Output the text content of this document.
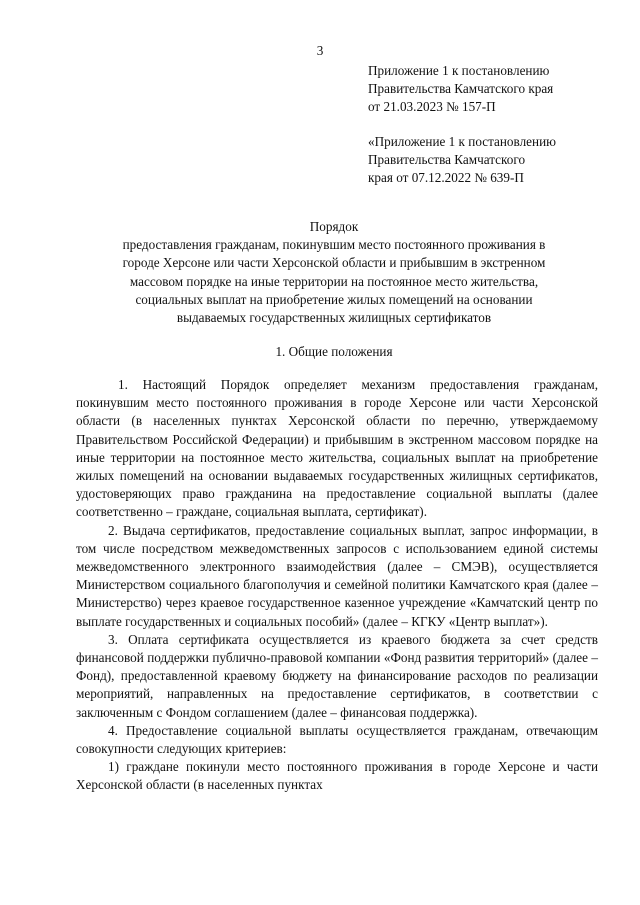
3
Приложение 1 к постановлению
Правительства Камчатского края
от 21.03.2023 № 157-П
«Приложение 1 к постановлению
Правительства Камчатского
края от 07.12.2022 № 639-П
Порядок
предоставления гражданам, покинувшим место постоянного проживания в
городе Херсоне или части Херсонской области и прибывшим в экстренном
массовом порядке на иные территории на постоянное место жительства,
социальных выплат на приобретение жилых помещений на основании
выдаваемых государственных жилищных сертификатов
1. Общие положения

1. Настоящий Порядок определяет механизм предоставления гражданам, покинувшим место постоянного проживания в городе Херсоне или части Херсонской области (в населенных пунктах Херсонской области по перечню, утверждаемому Правительством Российской Федерации) и прибывшим в экстренном массовом порядке на иные территории на постоянное место жительства, социальных выплат на приобретение жилых помещений на основании выдаваемых государственных жилищных сертификатов, удостоверяющих право гражданина на предоставление социальной выплаты (далее соответственно – граждане, социальная выплата, сертификат).

2. Выдача сертификатов, предоставление социальных выплат, запрос информации, в том числе посредством межведомственных запросов с использованием единой системы межведомственного электронного взаимодействия (далее – СМЭВ), осуществляется Министерством социального благополучия и семейной политики Камчатского края (далее – Министерство) через краевое государственное казенное учреждение «Камчатский центр по выплате государственных и социальных пособий» (далее – КГКУ «Центр выплат»).

3. Оплата сертификата осуществляется из краевого бюджета за счет средств финансовой поддержки публично-правовой компании «Фонд развития территорий» (далее – Фонд), предоставленной краевому бюджету на финансирование расходов по реализации мероприятий, направленных на предоставление сертификатов, в соответствии с заключенным с Фондом соглашением (далее – финансовая поддержка).

4. Предоставление социальной выплаты осуществляется гражданам, отвечающим совокупности следующих критериев:

1) граждане покинули место постоянного проживания в городе Херсоне и части Херсонской области (в населенных пунктах
